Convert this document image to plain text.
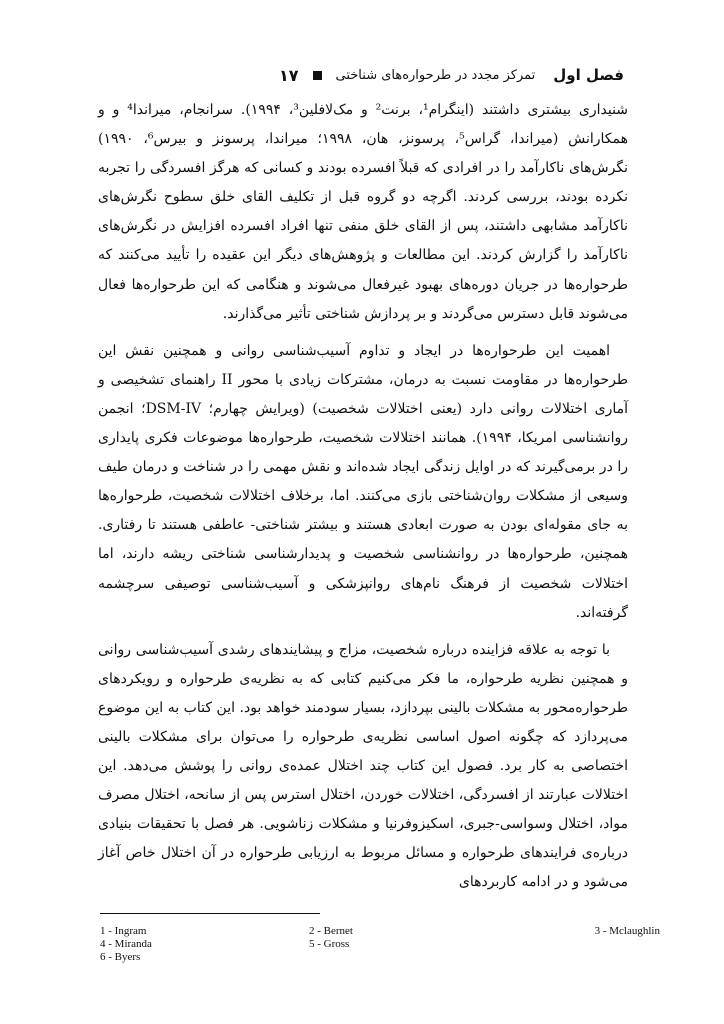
فصل اول
تمرکز مجدد در طرحواره‌های شناختی
۱۷

شنیداری بیشتری داشتند (اینگرام¹، برنت² و مک‌لافلین³، ۱۹۹۴). سرانجام، میراندا⁴ و و همکارانش (میراندا، گراس⁵، پرسونز، هان، ۱۹۹۸؛ میراندا، پرسونز و بیرس⁶، ۱۹۹۰) نگرش‌های ناکارآمد را در افرادی که قبلاً افسرده بودند و کسانی که هرگز افسردگی را تجربه نکرده بودند، بررسی کردند. اگرچه دو گروه قبل از تکلیف القای خلق سطوح نگرش‌های ناکارآمد مشابهی داشتند، پس از القای خلق منفی تنها افراد افسرده افزایش در نگرش‌های ناکارآمد را گزارش کردند. این مطالعات و پژوهش‌های دیگر این عقیده را تأیید می‌کنند که طرحواره‌ها در جریان دوره‌های بهبود غیرفعال می‌شوند و هنگامی که این طرحواره‌ها فعال می‌شوند قابل دسترس می‌گردند و بر پردازش شناختی تأثیر می‌گذارند.

اهمیت این طرحواره‌ها در ایجاد و تداوم آسیب‌شناسی روانی و همچنین نقش این طرحواره‌ها در مقاومت نسبت به درمان، مشترکات زیادی با محور II راهنمای تشخیصی و آماری اختلالات روانی دارد (یعنی اختلالات شخصیت) (ویرایش چهارم؛ DSM-IV؛ انجمن روانشناسی امریکا، ۱۹۹۴). همانند اختلالات شخصیت، طرحواره‌ها موضوعات فکری پایداری را در برمی‌گیرند که در اوایل زندگی ایجاد شده‌اند و نقش مهمی را در شناخت و درمان طیف وسیعی از مشکلات روان‌شناختی بازی می‌کنند. اما، برخلاف اختلالات شخصیت، طرحواره‌ها به جای مقوله‌ای بودن به صورت ابعادی هستند و بیشتر شناختی- عاطفی هستند تا رفتاری. همچنین، طرحواره‌ها در روانشناسی شخصیت و پدیدارشناسی شناختی ریشه دارند، اما اختلالات شخصیت از فرهنگ نام‌های روانپزشکی و آسیب‌شناسی توصیفی سرچشمه گرفته‌اند.

با توجه به علاقه فزاینده درباره شخصیت، مزاج و پیشایندهای رشدی آسیب‌شناسی روانی و همچنین نظریه طرحواره، ما فکر می‌کنیم کتابی که به نظریه‌ی طرحواره و رویکردهای طرحواره‌محور به مشکلات بالینی بپردازد، بسیار سودمند خواهد بود. این کتاب به این موضوع می‌پردازد که چگونه اصول اساسی نظریه‌ی طرحواره را می‌توان برای مشکلات بالینی اختصاصی به کار برد. فصول این کتاب چند اختلال عمده‌ی روانی را پوشش می‌دهد. این اختلالات عبارتند از افسردگی، اختلالات خوردن، اختلال استرس پس از سانحه، اختلال مصرف مواد، اختلال وسواسی-جبری، اسکیزوفرنیا و مشکلات زناشویی. هر فصل با تحقیقات بنیادی درباره‌ی فرایندهای طرحواره و مسائل مربوط به ارزیابی طرحواره در آن اختلال خاص آغاز می‌شود و در ادامه کاربردهای

1 - Ingram	2 - Bernet	3 - Mclaughlin
4 - Miranda	5 - Gross
6 - Byers
